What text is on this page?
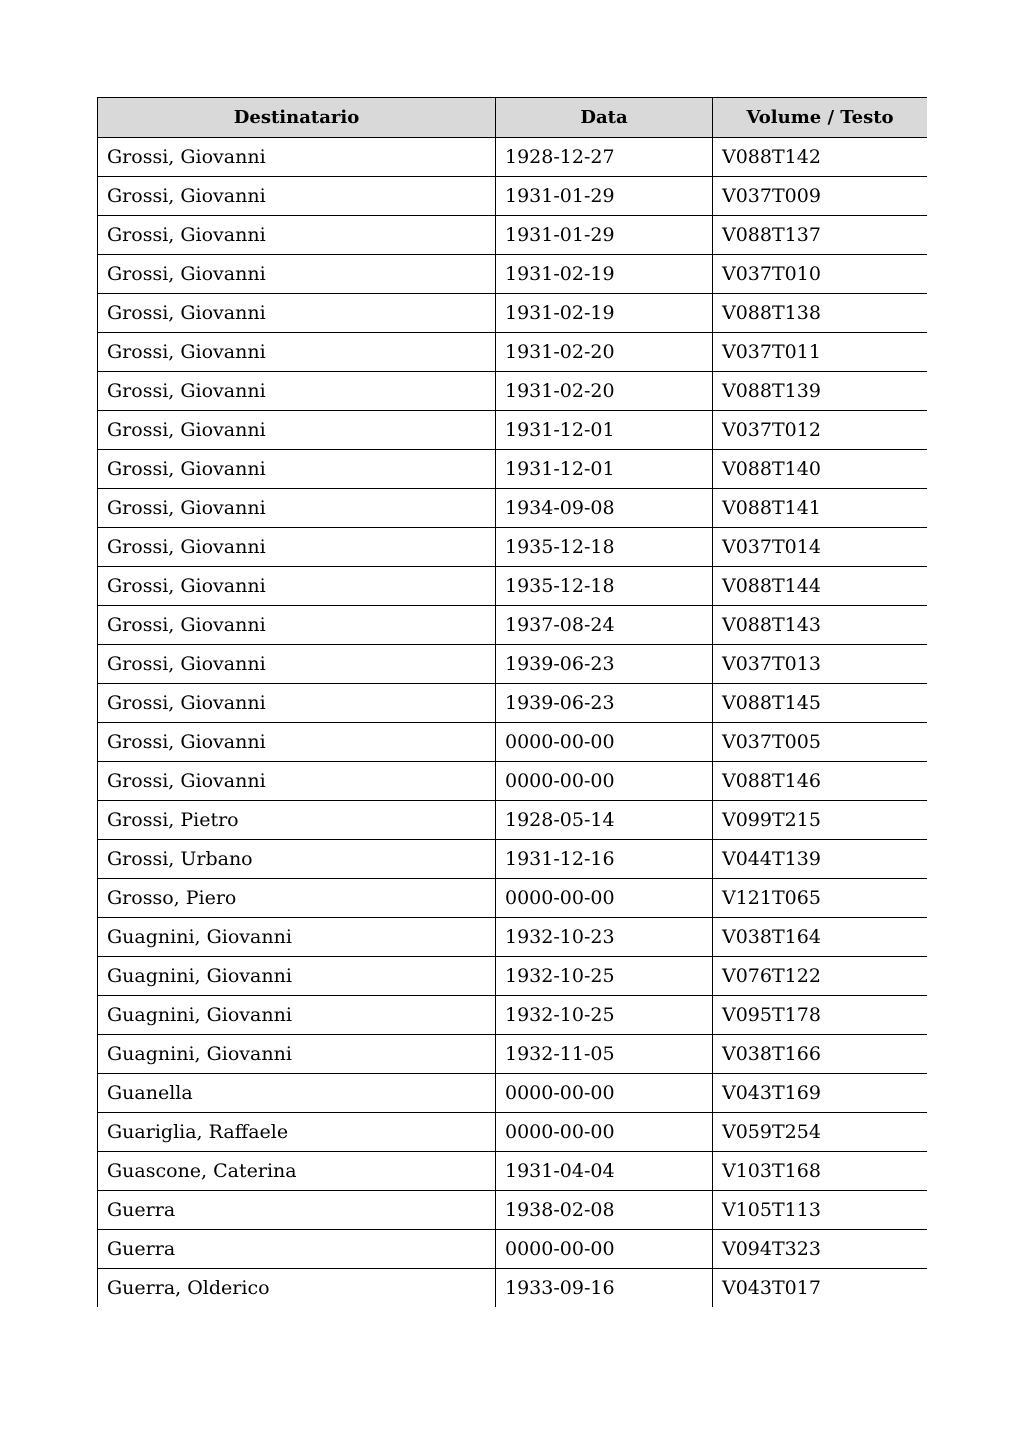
Destinatario	Data	Volume / Testo
Grossi, Giovanni	1928-12-27	V088T142
Grossi, Giovanni	1931-01-29	V037T009
Grossi, Giovanni	1931-01-29	V088T137
Grossi, Giovanni	1931-02-19	V037T010
Grossi, Giovanni	1931-02-19	V088T138
Grossi, Giovanni	1931-02-20	V037T011
Grossi, Giovanni	1931-02-20	V088T139
Grossi, Giovanni	1931-12-01	V037T012
Grossi, Giovanni	1931-12-01	V088T140
Grossi, Giovanni	1934-09-08	V088T141
Grossi, Giovanni	1935-12-18	V037T014
Grossi, Giovanni	1935-12-18	V088T144
Grossi, Giovanni	1937-08-24	V088T143
Grossi, Giovanni	1939-06-23	V037T013
Grossi, Giovanni	1939-06-23	V088T145
Grossi, Giovanni	0000-00-00	V037T005
Grossi, Giovanni	0000-00-00	V088T146
Grossi, Pietro	1928-05-14	V099T215
Grossi, Urbano	1931-12-16	V044T139
Grosso, Piero	0000-00-00	V121T065
Guagnini, Giovanni	1932-10-23	V038T164
Guagnini, Giovanni	1932-10-25	V076T122
Guagnini, Giovanni	1932-10-25	V095T178
Guagnini, Giovanni	1932-11-05	V038T166
Guanella	0000-00-00	V043T169
Guariglia, Raffaele	0000-00-00	V059T254
Guascone, Caterina	1931-04-04	V103T168
Guerra	1938-02-08	V105T113
Guerra	0000-00-00	V094T323
Guerra, Olderico	1933-09-16	V043T017
